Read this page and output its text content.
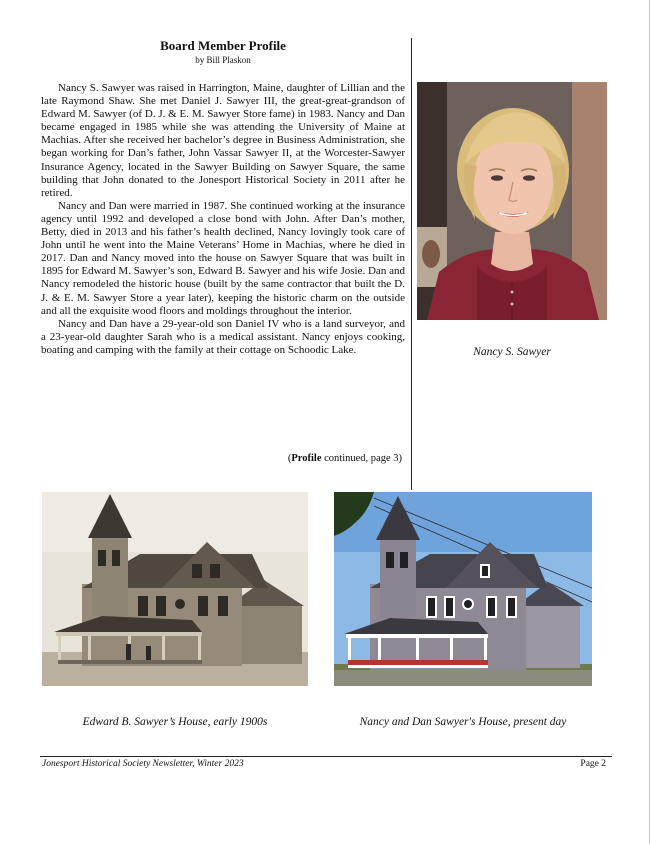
Board Member Profile
by Bill Plaskon

Nancy S. Sawyer was raised in Harrington, Maine, daughter of Lillian and the late Raymond Shaw. She met Daniel J. Sawyer III, the great-great-grandson of Edward M. Sawyer (of D. J. & E. M. Sawyer Store fame) in 1983. Nancy and Dan became engaged in 1985 while she was attending the University of Maine at Machias. After she received her bachelor’s degree in Business Administration, she began working for Dan’s father, John Vassar Sawyer II, at the Worcester-Sawyer Insurance Agency, located in the Sawyer Building on Sawyer Square, the same building that John donated to the Jonesport Historical Society in 2011 after he retired.

Nancy and Dan were married in 1987. She continued working at the insurance agency until 1992 and developed a close bond with John. After Dan’s mother, Betty, died in 2013 and his father’s health declined, Nancy lovingly took care of John until he went into the Maine Veterans’ Home in Machias, where he died in 2017. Dan and Nancy moved into the house on Sawyer Square that was built in 1895 for Edward M. Sawyer’s son, Edward B. Sawyer and his wife Josie. Dan and Nancy remodeled the historic house (built by the same contractor that built the D. J. & E. M. Sawyer Store a year later), keeping the historic charm on the outside and all the exquisite wood floors and moldings throughout the interior.

Nancy and Dan have a 29-year-old son Daniel IV who is a land surveyor, and a 23-year-old daughter Sarah who is a medical assistant. Nancy enjoys cooking, boating and camping with the family at their cottage on Schoodic Lake.

(Profile continued, page 3)
Nancy S. Sawyer
Edward B. Sawyer’s House, early 1900s	Nancy and Dan Sawyer's House, present day
Jonesport Historical Society Newsletter, Winter 2023	Page 2
